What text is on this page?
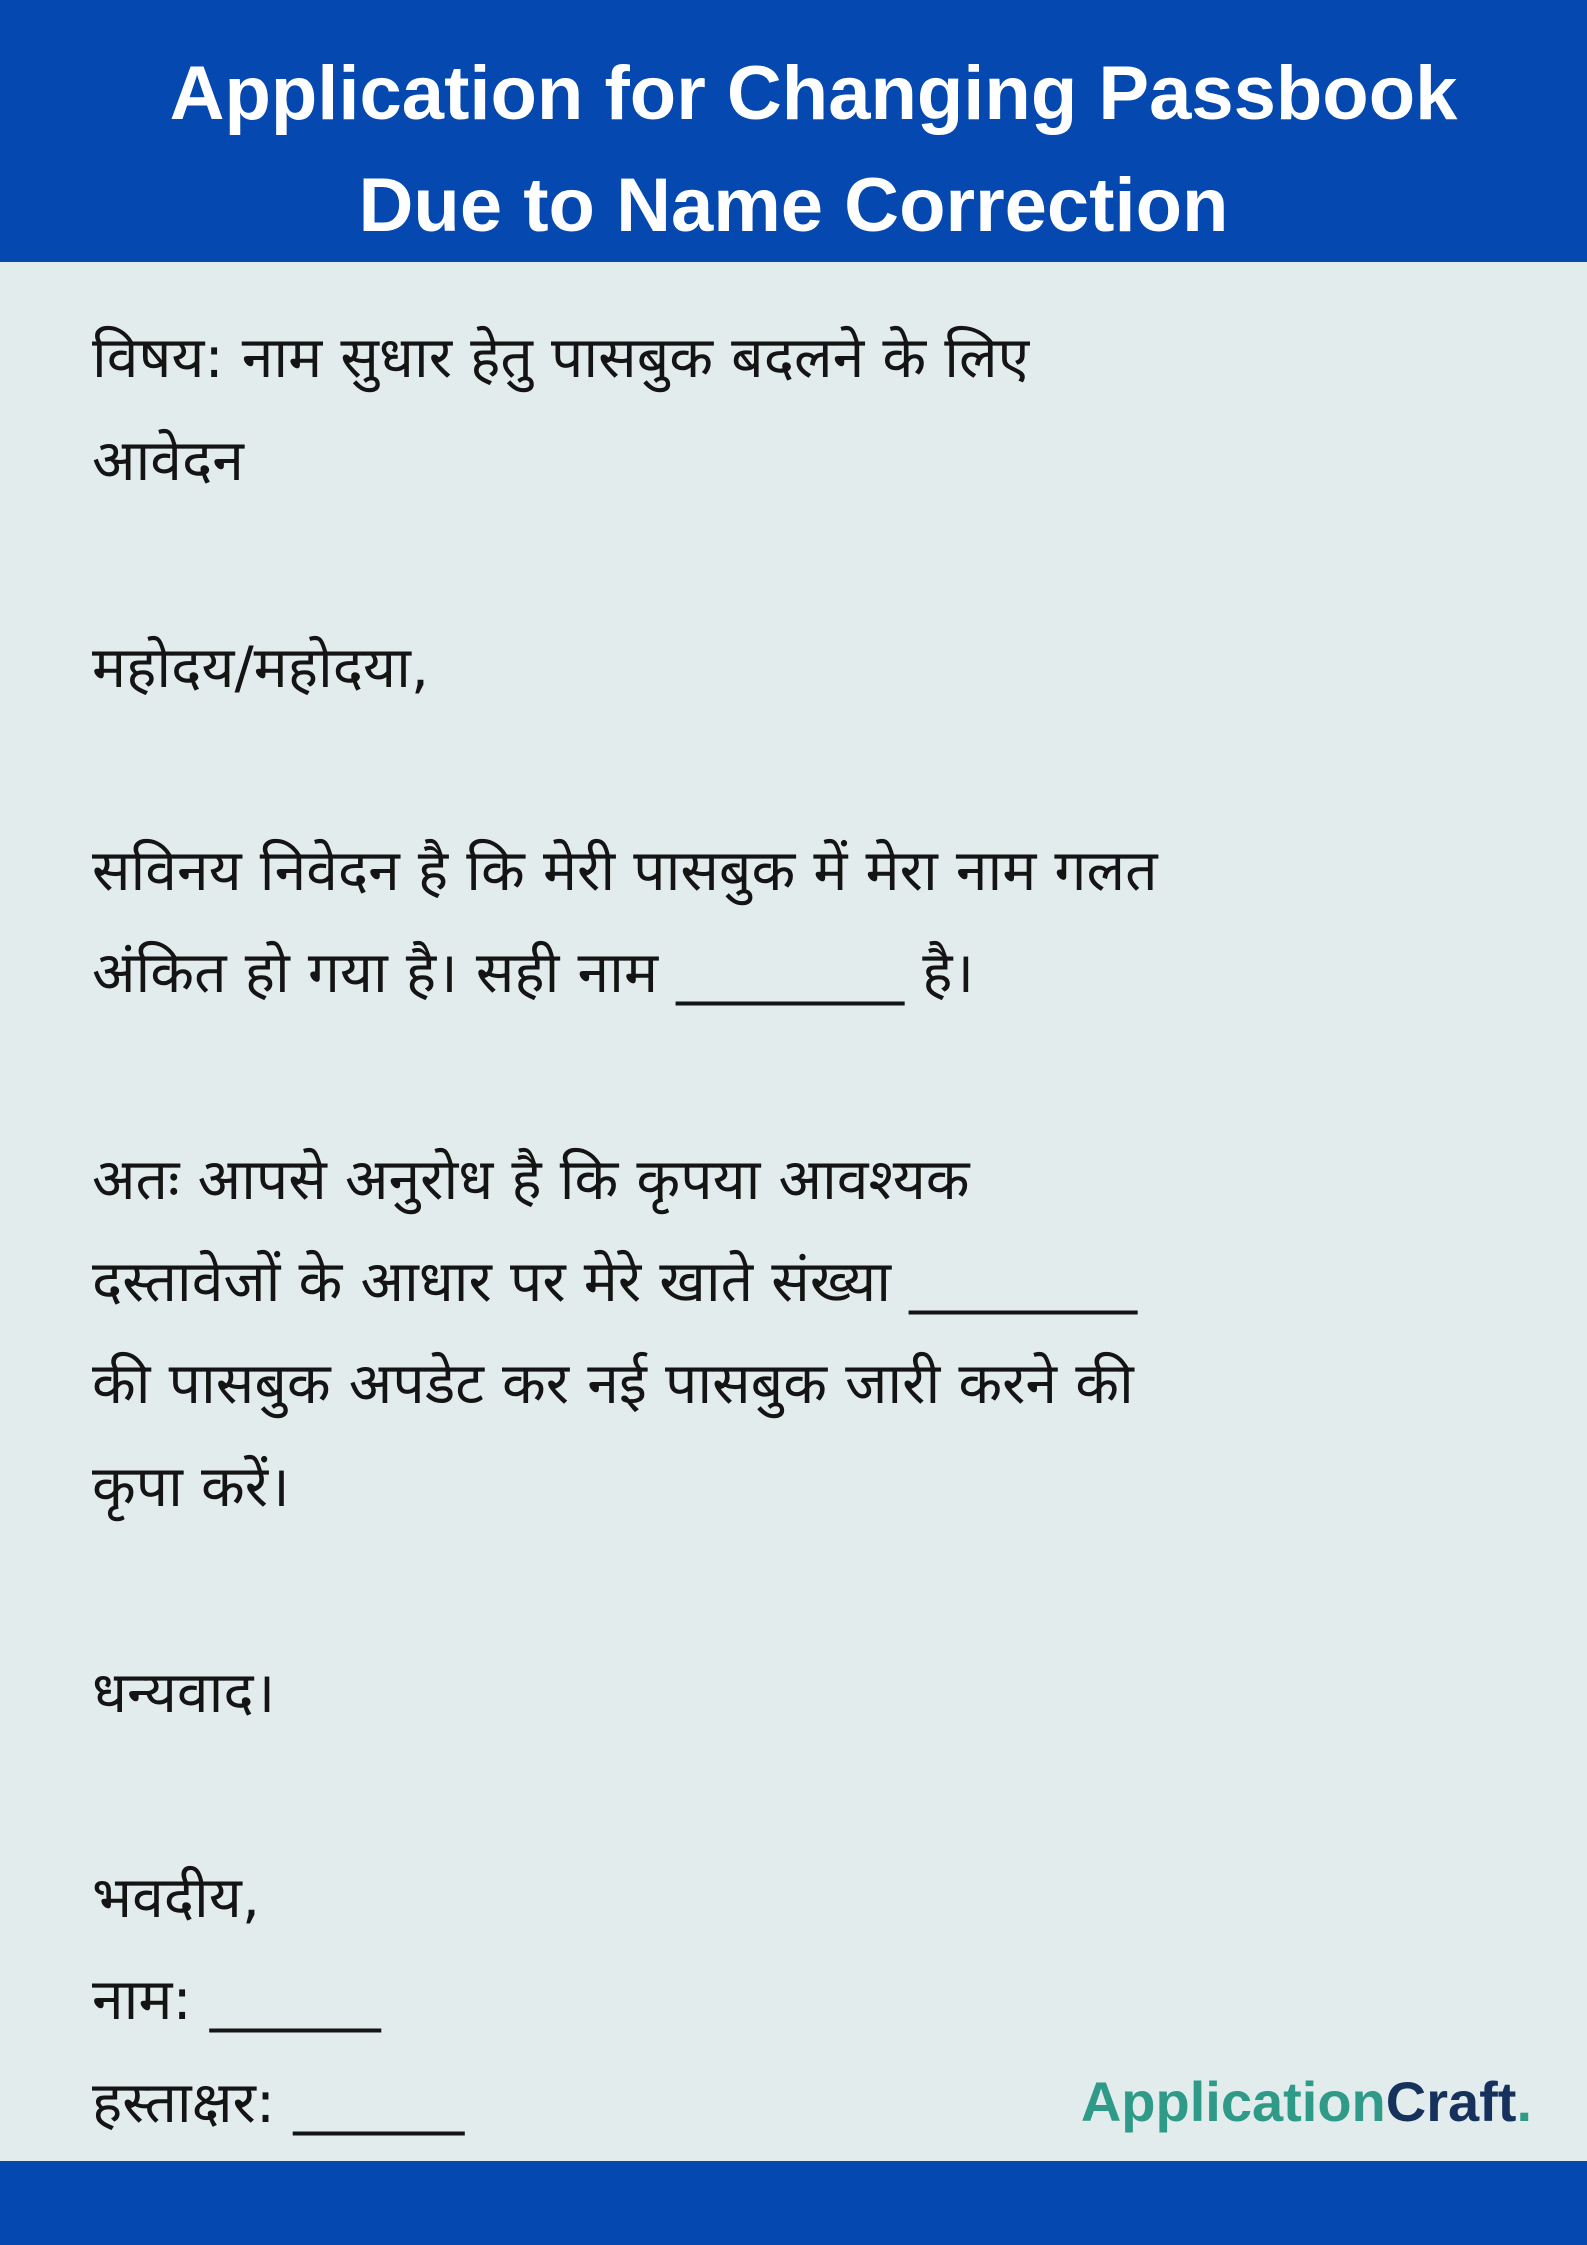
Application for Changing Passbook
Due to Name Correction
विषय: नाम सुधार हेतु पासबुक बदलने के लिए
आवेदन
महोदय/महोदया,
सविनय निवेदन है कि मेरी पासबुक में मेरा नाम गलत
अंकित हो गया है। सही नाम ________ है।
अतः आपसे अनुरोध है कि कृपया आवश्यक
दस्तावेजों के आधार पर मेरे खाते संख्या ________
की पासबुक अपडेट कर नई पासबुक जारी करने की
कृपा करें।
धन्यवाद।
भवदीय,
नाम: ______
हस्ताक्षर: ______	ApplicationCraft.
